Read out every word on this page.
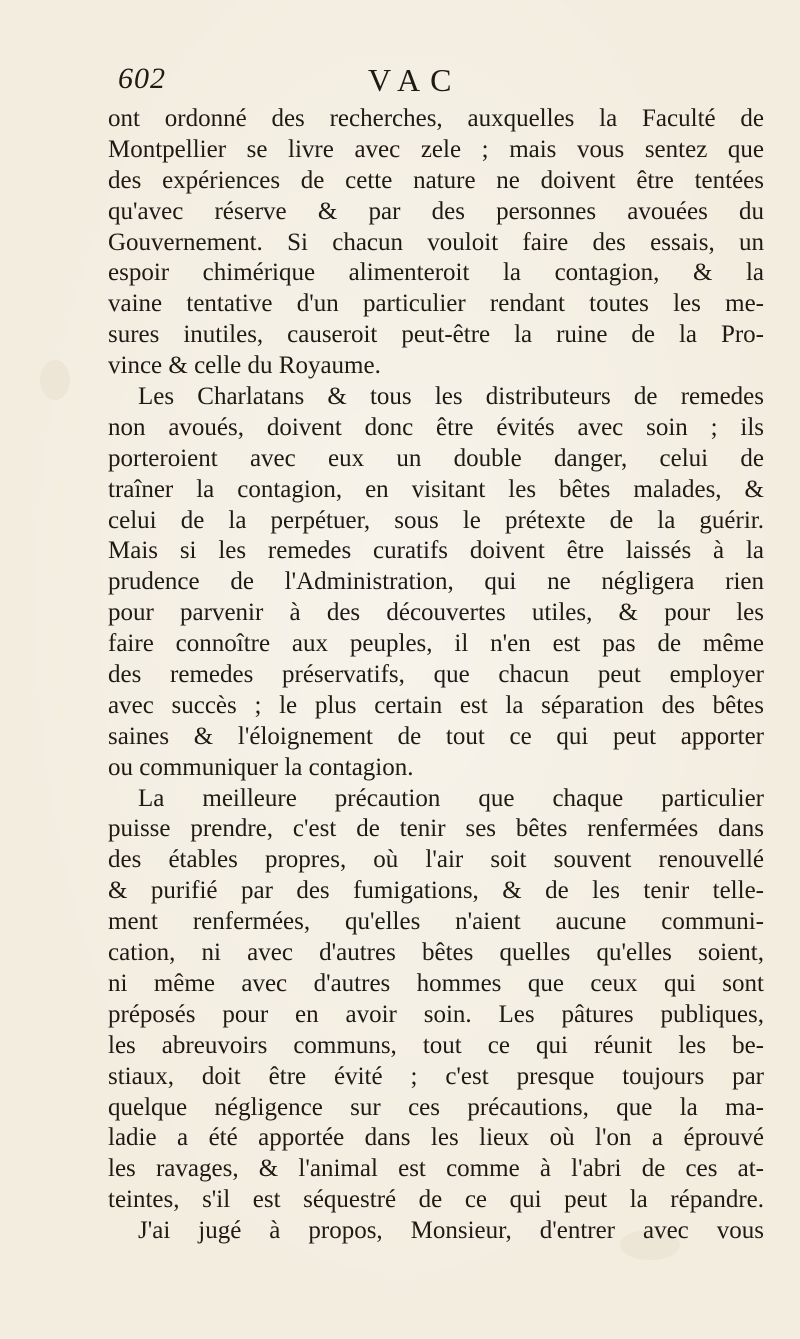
602	VAC
ont ordonné des recherches, auxquelles la Faculté de
Montpellier se livre avec zele ; mais vous sentez que
des expériences de cette nature ne doivent être tentées
qu'avec réserve & par des personnes avouées du
Gouvernement. Si chacun vouloit faire des essais, un
espoir chimérique alimenteroit la contagion, & la
vaine tentative d'un particulier rendant toutes les me-
sures inutiles, causeroit peut-être la ruine de la Pro-
vince & celle du Royaume.
Les Charlatans & tous les distributeurs de remedes
non avoués, doivent donc être évités avec soin ; ils
porteroient avec eux un double danger, celui de
traîner la contagion, en visitant les bêtes malades, &
celui de la perpétuer, sous le prétexte de la guérir.
Mais si les remedes curatifs doivent être laissés à la
prudence de l'Administration, qui ne négligera rien
pour parvenir à des découvertes utiles, & pour les
faire connoître aux peuples, il n'en est pas de même
des remedes préservatifs, que chacun peut employer
avec succès ; le plus certain est la séparation des bêtes
saines & l'éloignement de tout ce qui peut apporter
ou communiquer la contagion.
La meilleure précaution que chaque particulier
puisse prendre, c'est de tenir ses bêtes renfermées dans
des étables propres, où l'air soit souvent renouvellé
& purifié par des fumigations, & de les tenir telle-
ment renfermées, qu'elles n'aient aucune communi-
cation, ni avec d'autres bêtes quelles qu'elles soient,
ni même avec d'autres hommes que ceux qui sont
préposés pour en avoir soin. Les pâtures publiques,
les abreuvoirs communs, tout ce qui réunit les be-
stiaux, doit être évité ; c'est presque toujours par
quelque négligence sur ces précautions, que la ma-
ladie a été apportée dans les lieux où l'on a éprouvé
les ravages, & l'animal est comme à l'abri de ces at-
teintes, s'il est séquestré de ce qui peut la répandre.
J'ai jugé à propos, Monsieur, d'entrer avec vous
